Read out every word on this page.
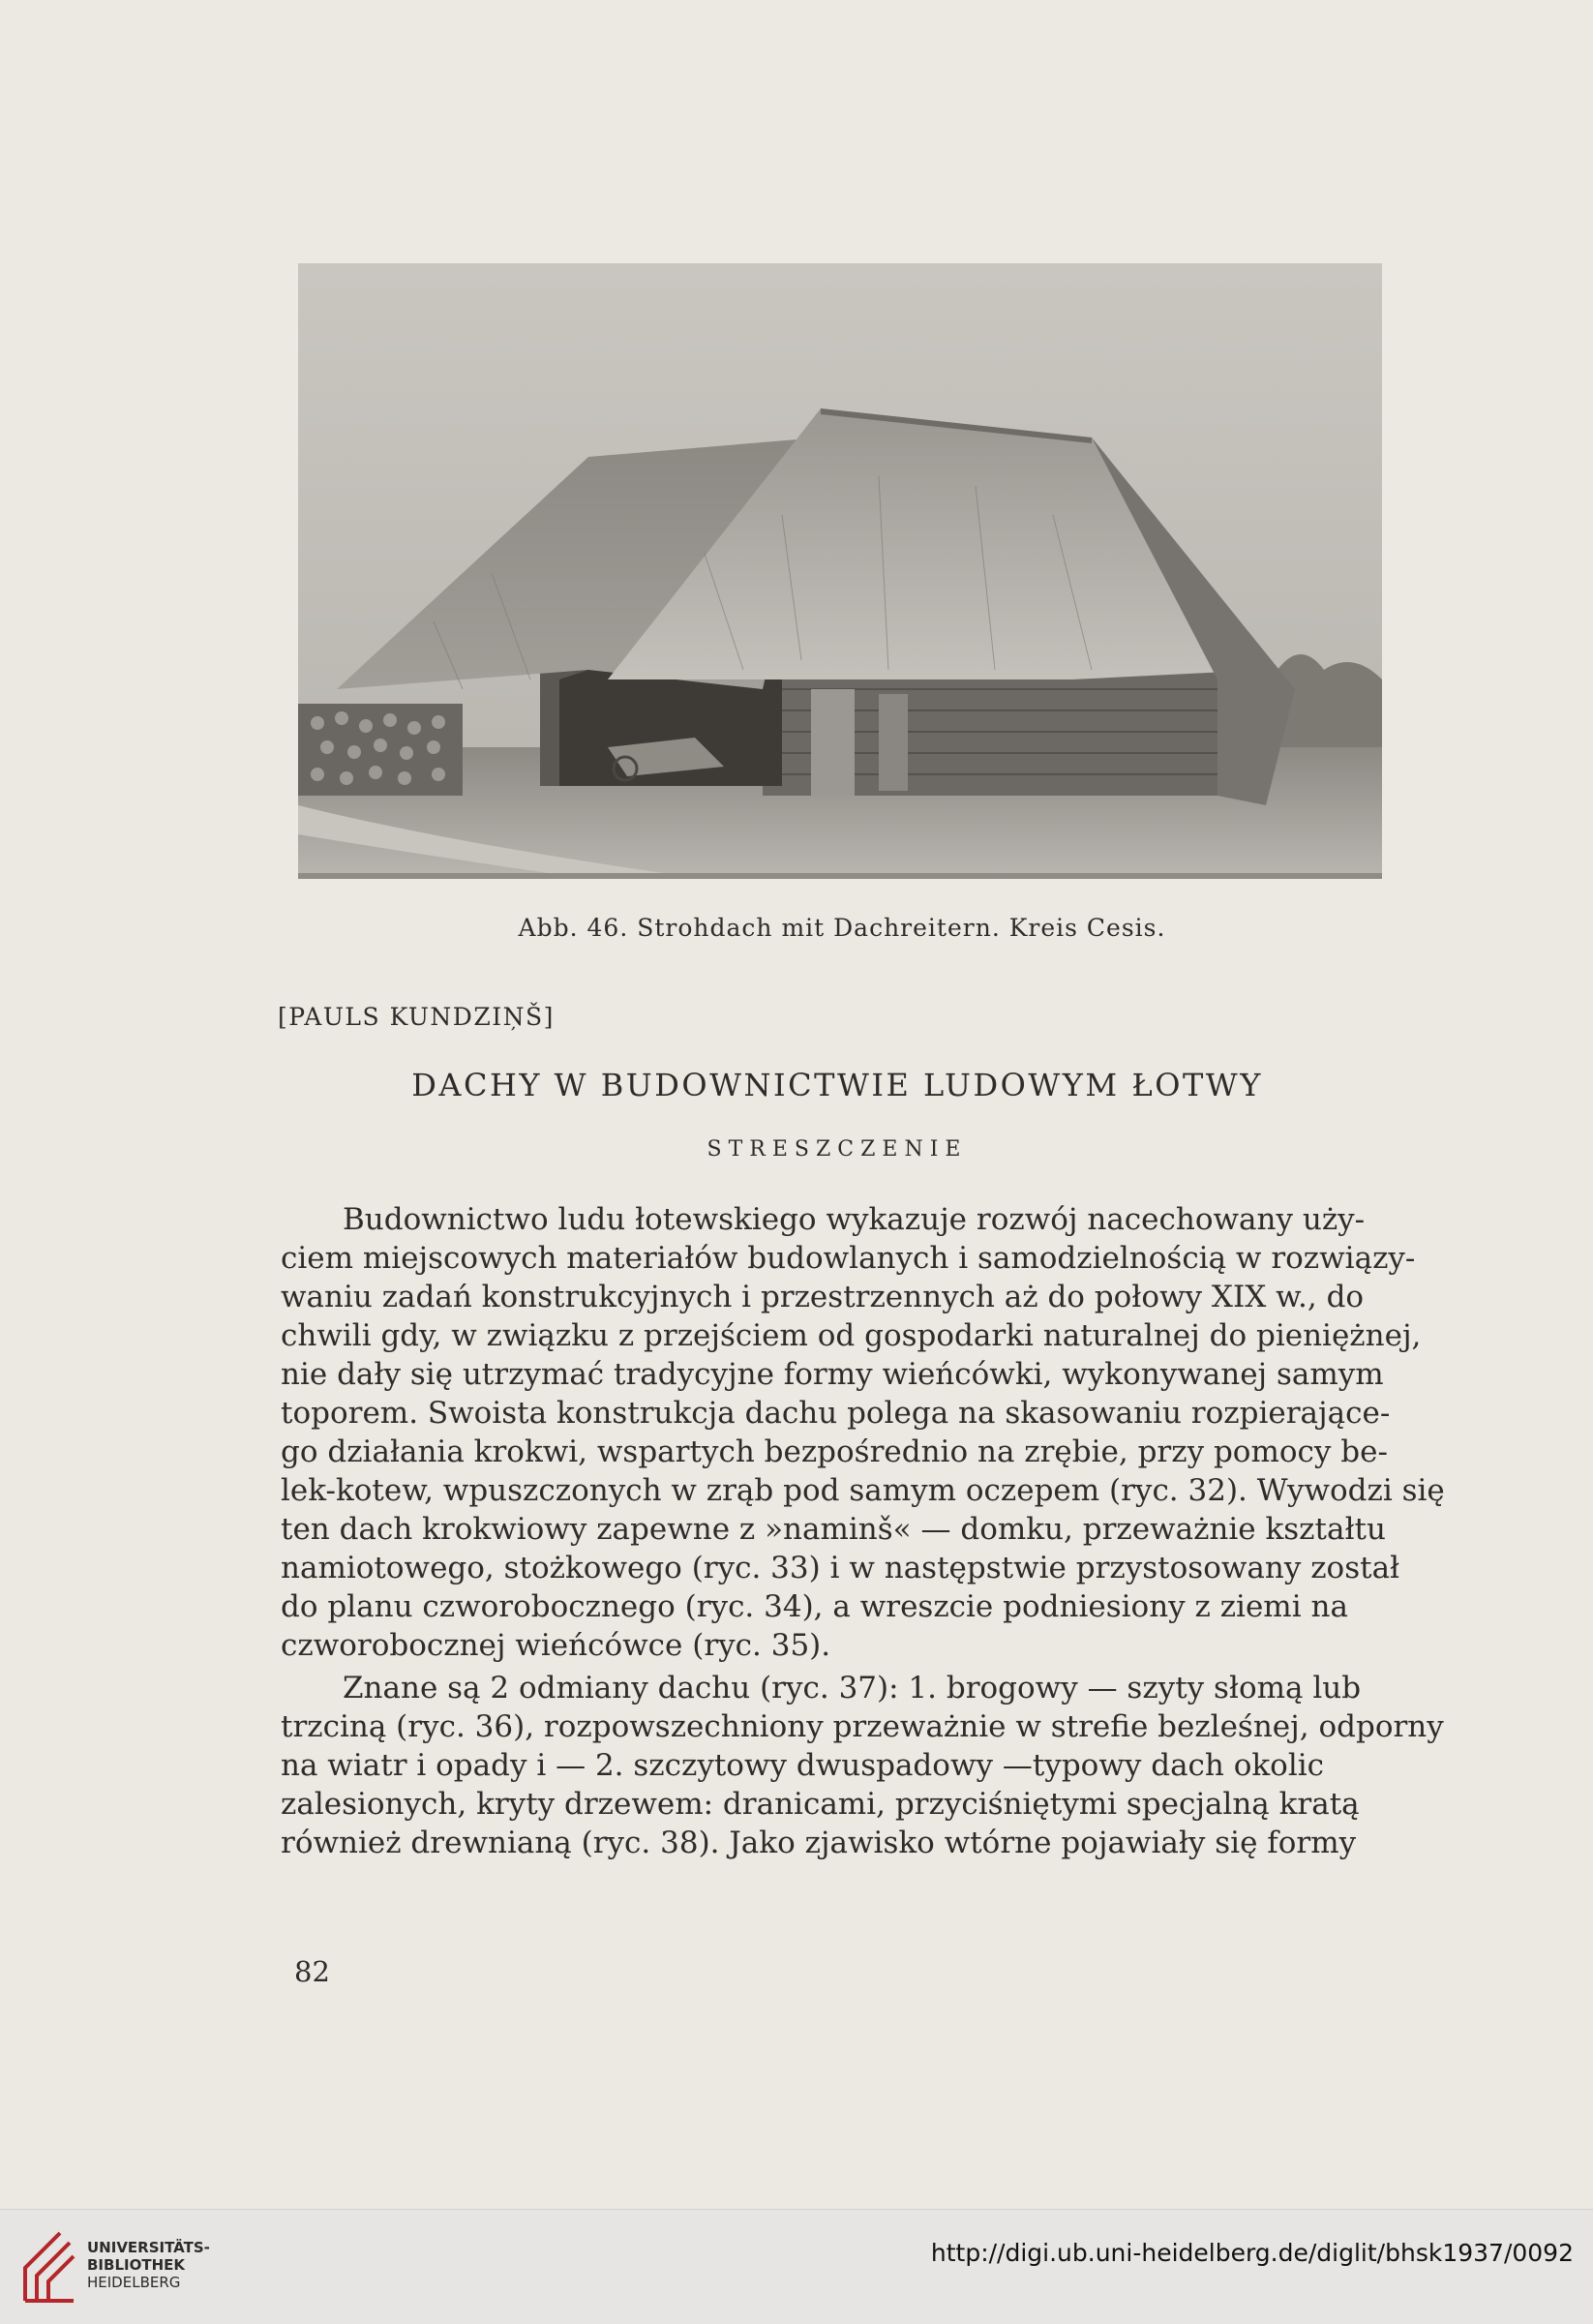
Abb. 46. Strohdach mit Dachreitern. Kreis Cesis.
[PAULS KUNDZIŅŠ]
DACHY W BUDOWNICTWIE LUDOWYM ŁOTWY
STRESZCZENIE
Budownictwo ludu łotewskiego wykazuje rozwój nacechowany uży-
ciem miejscowych materiałów budowlanych i samodzielnością w rozwiązy-
waniu zadań konstrukcyjnych i przestrzennych aż do połowy XIX w., do
chwili gdy, w związku z przejściem od gospodarki naturalnej do pieniężnej,
nie dały się utrzymać tradycyjne formy wieńcówki, wykonywanej samym
toporem. Swoista konstrukcja dachu polega na skasowaniu rozpierające-
go działania krokwi, wspartych bezpośrednio na zrębie, przy pomocy be-
lek-kotew, wpuszczonych w zrąb pod samym oczepem (ryc. 32). Wywodzi się
ten dach krokwiowy zapewne z »naminš« — domku, przeważnie kształtu
namiotowego, stożkowego (ryc. 33) i w następstwie przystosowany został
do planu czworobocznego (ryc. 34), a wreszcie podniesiony z ziemi na
czworobocznej wieńcówce (ryc. 35).
Znane są 2 odmiany dachu (ryc. 37): 1. brogowy — szyty słomą lub
trzciną (ryc. 36), rozpowszechniony przeważnie w strefie bezleśnej, odporny
na wiatr i opady i — 2. szczytowy dwuspadowy —typowy dach okolic
zalesionych, kryty drzewem: dranicami, przyciśniętymi specjalną kratą
również drewnianą (ryc. 38). Jako zjawisko wtórne pojawiały się formy
82
UNIVERSITÄTS-
BIBLIOTHEK
HEIDELBERG
http://digi.ub.uni-heidelberg.de/diglit/bhsk1937/0092
